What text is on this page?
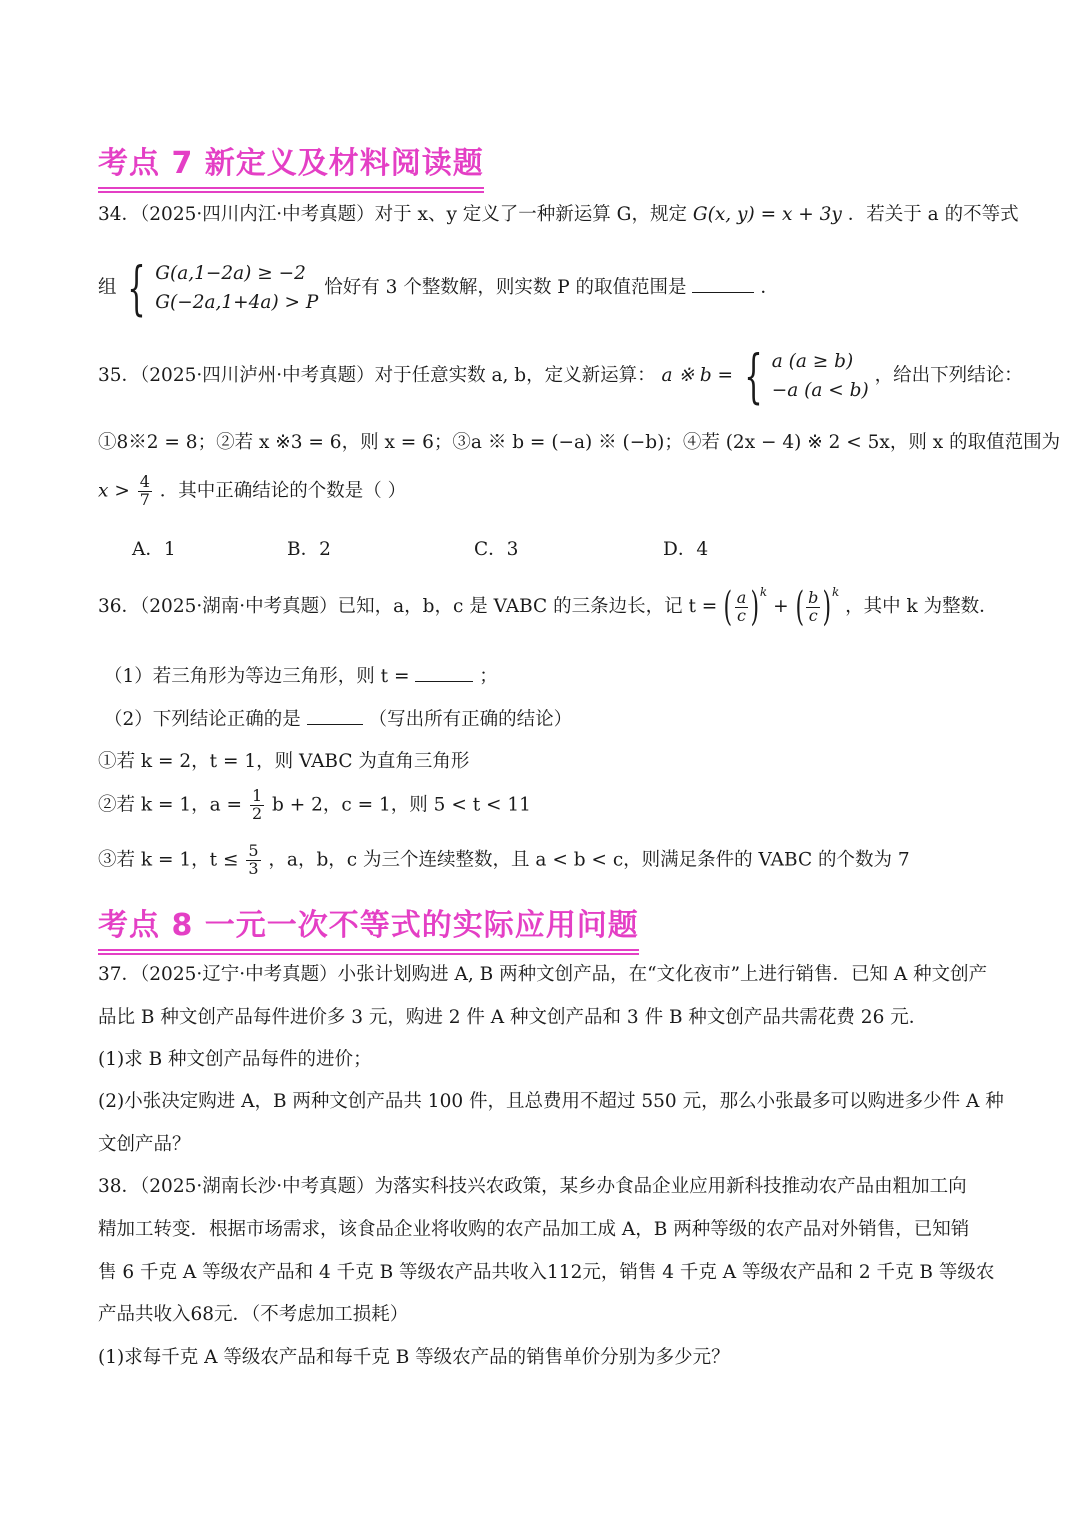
考点 7 新定义及材料阅读题
34．（2025·四川内江·中考真题）对于 x、y 定义了一种新运算 G，规定 G(x, y) = x + 3y ．若关于 a 的不等式
组 { G(a,1−2a) ≥ −2
G(−2a,1+4a) > P
恰好有 3 个整数解，则实数 P 的取值范围是	．
35．（2025·四川泸州·中考真题）对于任意实数 a, b，定义新运算： a ※ b = { a (a ≥ b)
−a (a < b)
，给出下列结论：
①8※2 = 8；②若 x ※3 = 6，则 x = 6；③a ※ b = (−a) ※ (−b)；④若 (2x − 4) ※ 2 < 5x，则 x 的取值范围为
$x > \frac{4}{7}$ ．其中正确结论的个数是（ ）
A．1	B．2	C．3	D．4
36．（2025·湖南·中考真题）已知，a，b，c 是 VABC 的三条边长，记 t = ( $\frac{a}{c} )^k$ + ( $\frac{b}{c} )^k$ ，其中 k 为整数．
（1）若三角形为等边三角形，则 t =	；
（2）下列结论正确的是	（写出所有正确的结论）
①若 k = 2，t = 1，则 VABC 为直角三角形
②若 k = 1，$a = \frac{1}{2}$ b + 2，c = 1，则 5 < t < 11
③若 k = 1，$t \le \frac{5}{3}$ ，a，b，c 为三个连续整数，且 a < b < c，则满足条件的 VABC 的个数为 7
考点 8 一元一次不等式的实际应用问题
37．（2025·辽宁·中考真题）小张计划购进 A, B 两种文创产品，在“文化夜市”上进行销售．已知 A 种文创产
品比 B 种文创产品每件进价多 3 元，购进 2 件 A 种文创产品和 3 件 B 种文创产品共需花费 26 元．
(1)求 B 种文创产品每件的进价；
(2)小张决定购进 A，B 两种文创产品共 100 件，且总费用不超过 550 元，那么小张最多可以购进多少件 A 种
文创产品？
38．（2025·湖南长沙·中考真题）为落实科技兴农政策，某乡办食品企业应用新科技推动农产品由粗加工向
精加工转变．根据市场需求，该食品企业将收购的农产品加工成 A，B 两种等级的农产品对外销售，已知销
售 6 千克 A 等级农产品和 4 千克 B 等级农产品共收入112元，销售 4 千克 A 等级农产品和 2 千克 B 等级农
产品共收入68元．（不考虑加工损耗）
(1)求每千克 A 等级农产品和每千克 B 等级农产品的销售单价分别为多少元？
